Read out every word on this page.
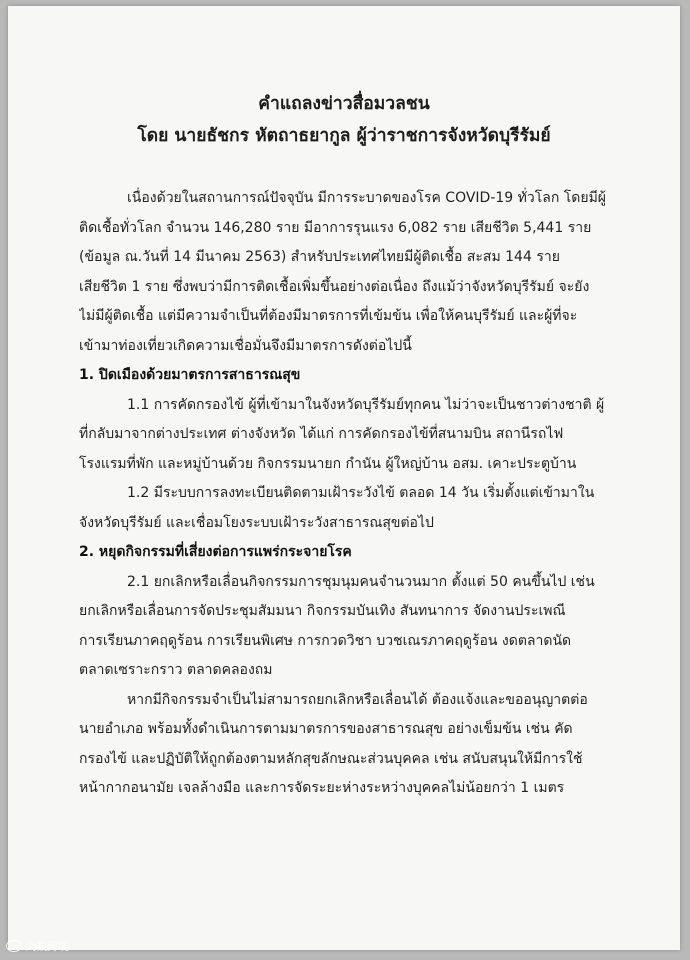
คำแถลงข่าวสื่อมวลชน
โดย นายธัชกร หัตถาธยากูล ผู้ว่าราชการจังหวัดบุรีรัมย์
เนื่องด้วยในสถานการณ์ปัจจุบัน มีการระบาดของโรค COVID-19 ทั่วโลก โดยมีผู้
ติดเชื้อทั่วโลก จำนวน 146,280 ราย มีอาการรุนแรง 6,082 ราย เสียชีวิต 5,441 ราย
(ข้อมูล ณ.วันที่ 14 มีนาคม 2563) สำหรับประเทศไทยมีผู้ติดเชื้อ สะสม 144 ราย
เสียชีวิต 1 ราย ซึ่งพบว่ามีการติดเชื้อเพิ่มขึ้นอย่างต่อเนื่อง ถึงแม้ว่าจังหวัดบุรีรัมย์ จะยัง
ไม่มีผู้ติดเชื้อ แต่มีความจำเป็นที่ต้องมีมาตรการที่เข้มข้น เพื่อให้คนบุรีรัมย์ และผู้ที่จะ
เข้ามาท่องเที่ยวเกิดความเชื่อมั่นจึงมีมาตรการดังต่อไปนี้
1. ปิดเมืองด้วยมาตรการสาธารณสุข
1.1 การคัดกรองไข้ ผู้ที่เข้ามาในจังหวัดบุรีรัมย์ทุกคน ไม่ว่าจะเป็นชาวต่างชาติ ผู้
ที่กลับมาจากต่างประเทศ ต่างจังหวัด ได้แก่ การคัดกรองไข้ที่สนามบิน สถานีรถไฟ
โรงแรมที่พัก และหมู่บ้านด้วย กิจกรรมนายก กำนัน ผู้ใหญ่บ้าน อสม. เคาะประตูบ้าน
1.2 มีระบบการลงทะเบียนติดตามเฝ้าระวังไข้ ตลอด 14 วัน เริ่มตั้งแต่เข้ามาใน
จังหวัดบุรีรัมย์ และเชื่อมโยงระบบเฝ้าระวังสาธารณสุขต่อไป
2. หยุดกิจกรรมที่เสี่ยงต่อการแพร่กระจายโรค
2.1 ยกเลิกหรือเลื่อนกิจกรรมการชุมนุมคนจำนวนมาก ตั้งแต่ 50 คนขึ้นไป เช่น
ยกเลิกหรือเลื่อนการจัดประชุมสัมมนา กิจกรรมบันเทิง สันทนาการ จัดงานประเพณี
การเรียนภาคฤดูร้อน การเรียนพิเศษ การกวดวิชา บวชเณรภาคฤดูร้อน งดตลาดนัด
ตลาดเซราะกราว ตลาดคลองถม
หากมีกิจกรรมจำเป็นไม่สามารถยกเลิกหรือเลื่อนได้ ต้องแจ้งและขออนุญาตต่อ
นายอำเภอ พร้อมทั้งดำเนินการตามมาตรการของสาธารณสุข อย่างเข็มข้น เช่น คัด
กรองไข้ และปฏิบัติให้ถูกต้องตามหลักสุขลักษณะส่วนบุคคล เช่น สนับสนุนให้มีการใช้
หน้ากากอนามัย เจลล้างมือ และการจัดระยะห่างระหว่างบุคคลไม่น้อยกว่า 1 เมตร
大数跨境
